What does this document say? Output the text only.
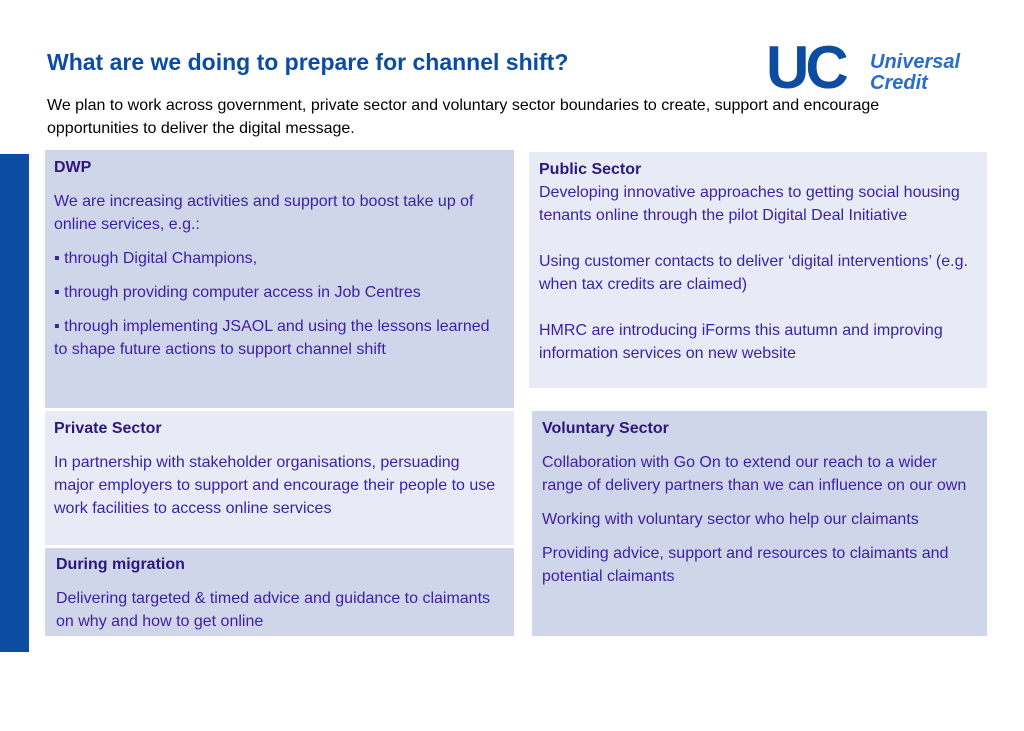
What are we doing to prepare for channel shift?

We plan to work across government, private sector and voluntary sector boundaries to create, support and encourage opportunities to deliver the digital message.

UC Universal
Credit

DWP

We are increasing activities and support to boost take up of online services, e.g.:

▪ through Digital Champions,

▪ through providing computer access in Job Centres

▪ through implementing JSAOL and using the lessons learned to shape future actions to support channel shift

Public Sector

Developing innovative approaches to getting social housing tenants online through the pilot Digital Deal Initiative

Using customer contacts to deliver ‘digital interventions’ (e.g. when tax credits are claimed)

HMRC are introducing iForms this autumn and improving information services on new website

Private Sector

In partnership with stakeholder organisations, persuading major employers to support and encourage their people to use work facilities to access online services

During migration

Delivering targeted & timed advice and guidance to claimants on why and how to get online

Voluntary Sector

Collaboration with Go On to extend our reach to a wider range of delivery partners than we can influence on our own

Working with voluntary sector who help our claimants

Providing advice, support and resources to claimants and potential claimants
